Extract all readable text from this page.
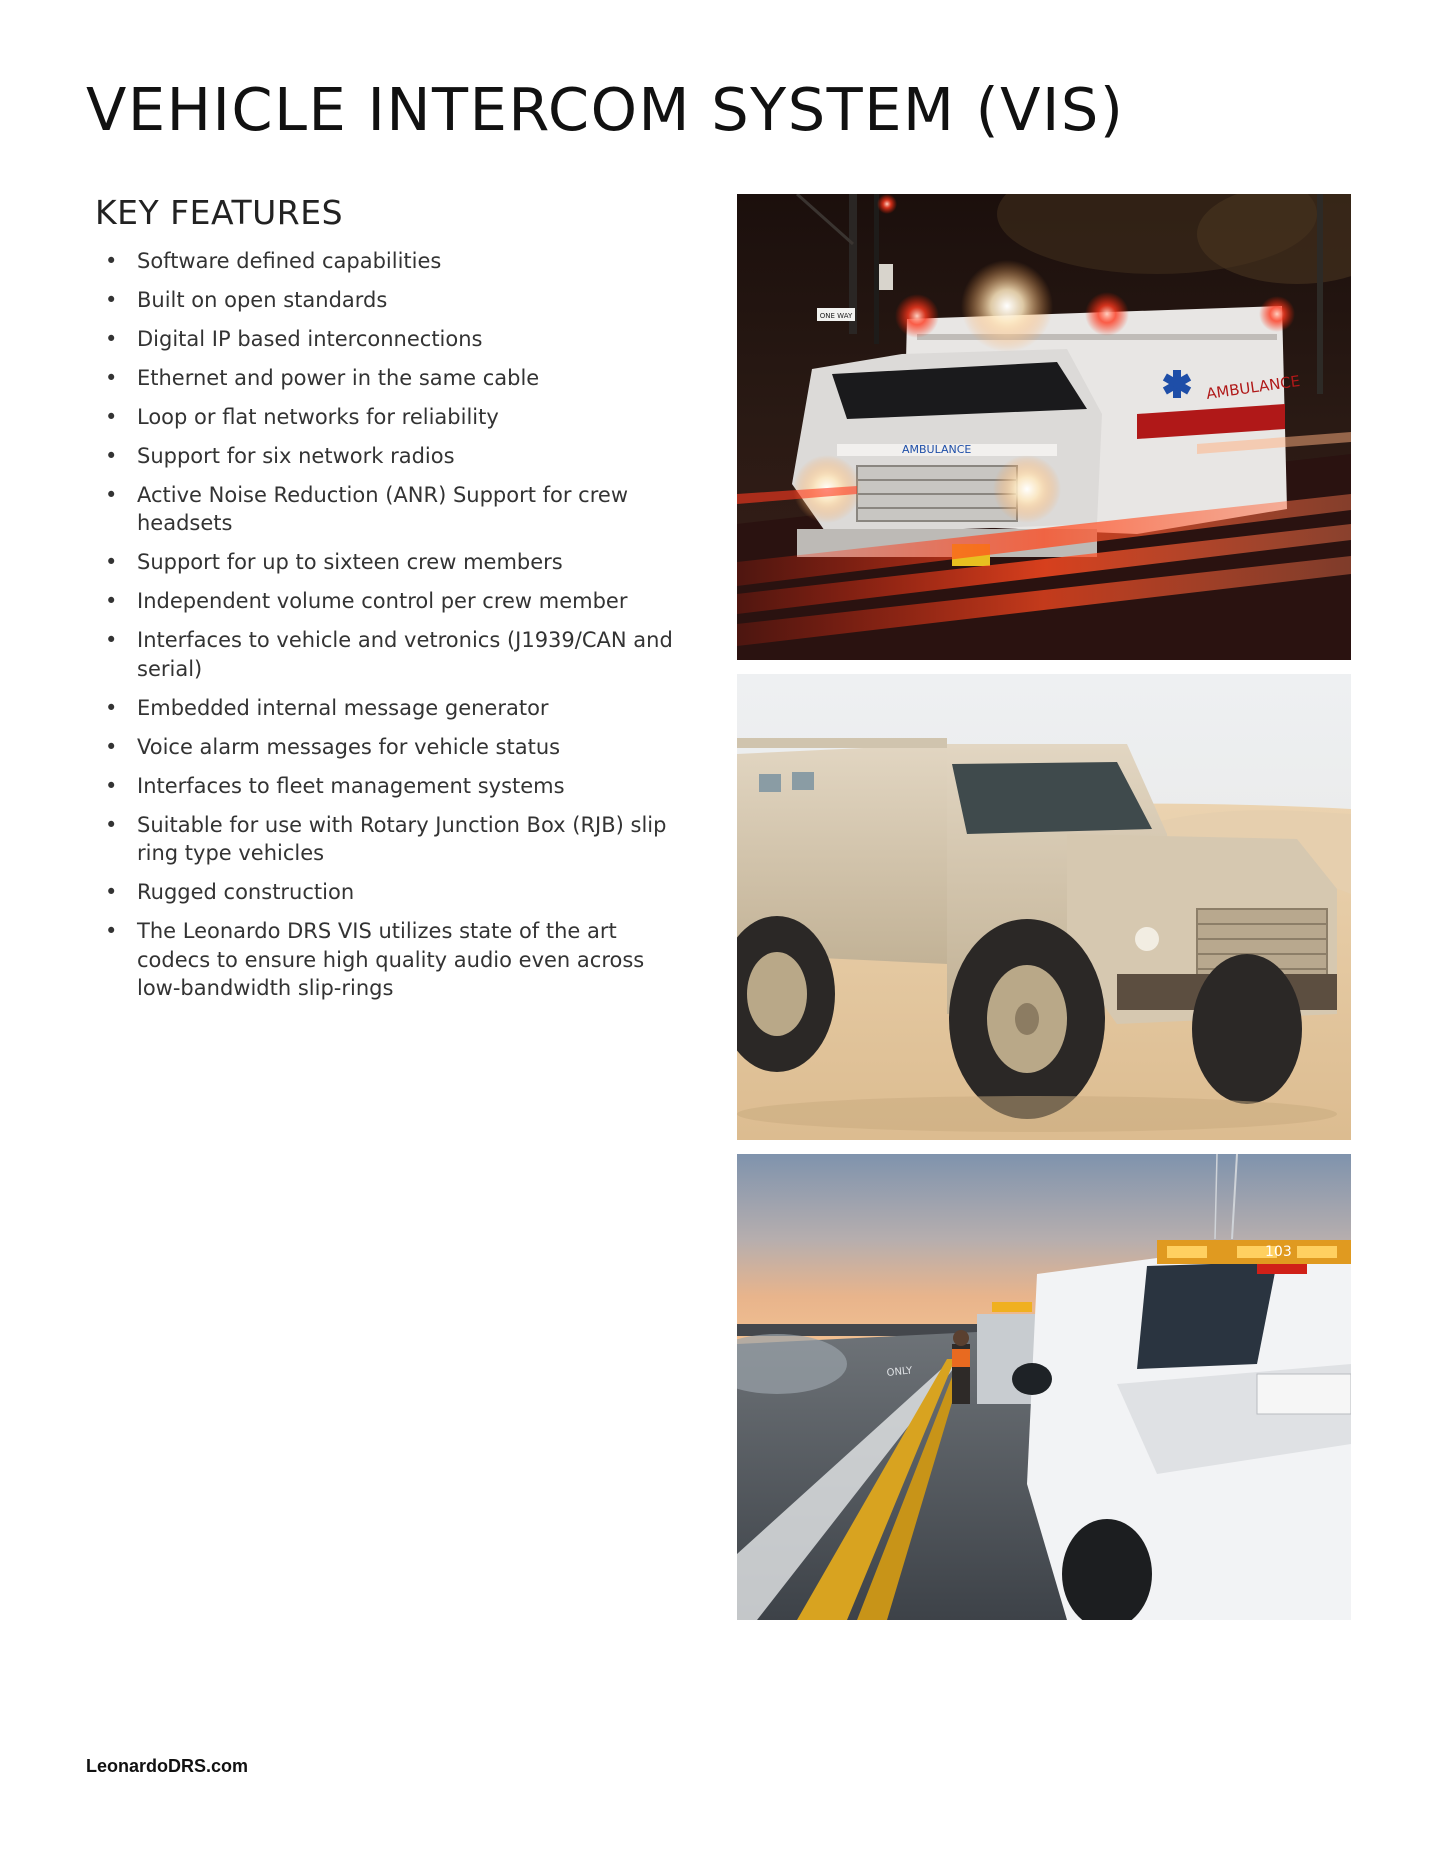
VEHICLE INTERCOM SYSTEM (VIS)
KEY FEATURES
• Software defined capabilities
• Built on open standards
• Digital IP based interconnections
• Ethernet and power in the same cable
• Loop or flat networks for reliability
• Support for six network radios
• Active Noise Reduction (ANR) Support for crew headsets
• Support for up to sixteen crew members
• Independent volume control per crew member
• Interfaces to vehicle and vetronics (J1939/CAN and serial)
• Embedded internal message generator
• Voice alarm messages for vehicle status
• Interfaces to fleet management systems
• Suitable for use with Rotary Junction Box (RJB) slip ring type vehicles
• Rugged construction
• The Leonardo DRS VIS utilizes state of the art codecs to ensure high quality audio even across low-bandwidth slip-rings
ONE WAY
AMBULANCE
AMBULANCE
ONLY
103
LeonardoDRS.com
